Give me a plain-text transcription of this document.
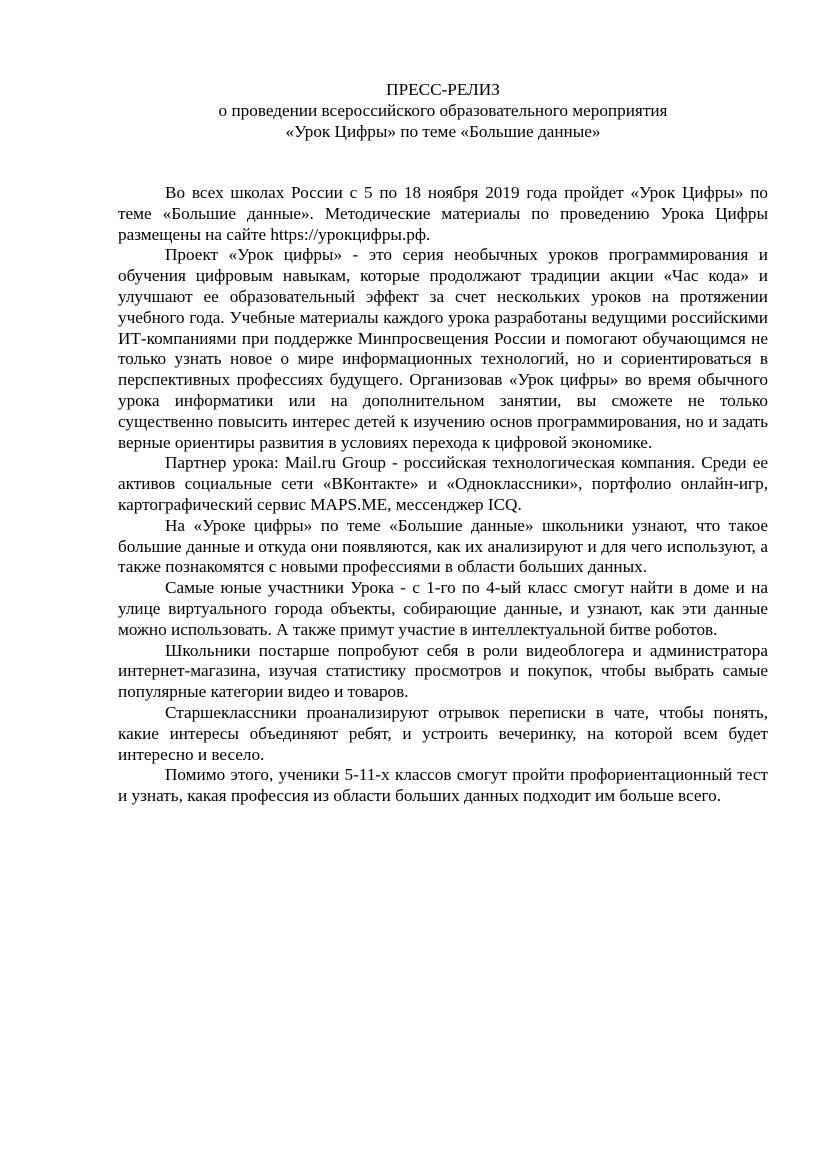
ПРЕСС-РЕЛИЗ
о проведении всероссийского образовательного мероприятия
«Урок Цифры» по теме «Большие данные»

Во всех школах России с 5 по 18 ноября 2019 года пройдет «Урок Цифры» по теме «Большие данные». Методические материалы по проведению Урока Цифры размещены на сайте https://урокцифры.рф.

Проект «Урок цифры» - это серия необычных уроков программирования и обучения цифровым навыкам, которые продолжают традиции акции «Час кода» и улучшают ее образовательный эффект за счет нескольких уроков на протяжении учебного года. Учебные материалы каждого урока разработаны ведущими российскими ИТ-компаниями при поддержке Минпросвещения России и помогают обучающимся не только узнать новое о мире информационных технологий, но и сориентироваться в перспективных профессиях будущего. Организовав «Урок цифры» во время обычного урока информатики или на дополнительном занятии, вы сможете не только существенно повысить интерес детей к изучению основ программирования, но и задать верные ориентиры развития в условиях перехода к цифровой экономике.

Партнер урока: Mail.ru Group - российская технологическая компания. Среди ее активов социальные сети «ВКонтакте» и «Одноклассники», портфолио онлайн-игр, картографический сервис MAPS.ME, мессенджер ICQ.

На «Уроке цифры» по теме «Большие данные» школьники узнают, что такое большие данные и откуда они появляются, как их анализируют и для чего используют, а также познакомятся с новыми профессиями в области больших данных.

Самые юные участники Урока - с 1-го по 4-ый класс смогут найти в доме и на улице виртуального города объекты, собирающие данные, и узнают, как эти данные можно использовать. А также примут участие в интеллектуальной битве роботов.

Школьники постарше попробуют себя в роли видеоблогера и администратора интернет-магазина, изучая статистику просмотров и покупок, чтобы выбрать самые популярные категории видео и товаров.

Старшеклассники проанализируют отрывок переписки в чате, чтобы понять, какие интересы объединяют ребят, и устроить вечеринку, на которой всем будет интересно и весело.

Помимо этого, ученики 5-11-х классов смогут пройти профориентационный тест и узнать, какая профессия из области больших данных подходит им больше всего.
